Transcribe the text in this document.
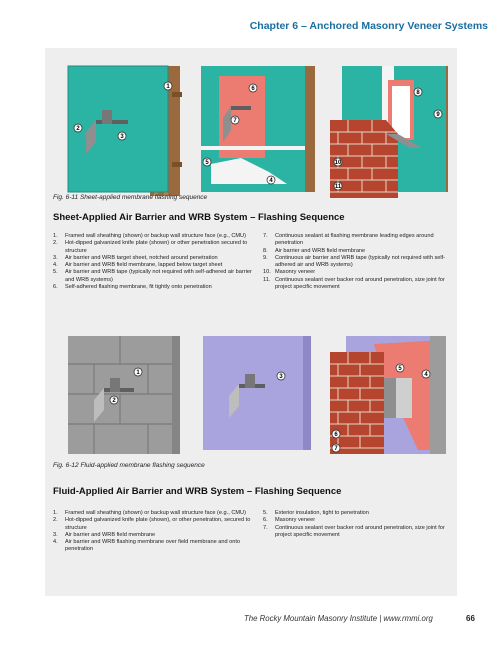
Chapter 6 – Anchored Masonry Veneer Systems
2
3
1	6
7
5
4
8
9
10
11
Fig. 6-11 Sheet-applied membrane flashing sequence
Sheet-Applied Air Barrier and WRB System – Flashing Sequence
1. Framed wall sheathing (shown) or backup wall structure face (e.g., CMU)
2. Hot-dipped galvanized knife plate (shown) or other penetration secured to structure
3. Air barrier and WRB target sheet, notched around penetration
4. Air barrier and WRB field membrane, lapped below target sheet
5. Air barrier and WRB tape (typically not required with self-adhered air barrier and WRB systems)
6. Self-adhered flashing membrane, fit tightly onto penetration
7. Continuous sealant at flashing membrane leading edges around penetration
8. Air barrier and WRB field membrane
9. Continuous air barrier and WRB tape (typically not required with self-adhered air and WRB systems)
10. Masonry veneer
11. Continuous sealant over backer rod around penetration, size joint for project specific movement
1
2
3
5
4
6
7
Fig. 6-12 Fluid-applied membrane flashing sequence
Fluid-Applied Air Barrier and WRB System – Flashing Sequence
1. Framed wall sheathing (shown) or backup wall structure face (e.g., CMU)
2. Hot-dipped galvanized knife plate (shown), or other penetration, secured to structure
3. Air barrier and WRB field membrane
4. Air barrier and WRB flashing membrane over field membrane and onto penetration
5. Exterior insulation, tight to penetration
6. Masonry veneer
7. Continuous sealant over backer rod around penetration, size joint for project specific movement
The Rocky Mountain Masonry Institute | www.rmmi.org	66
